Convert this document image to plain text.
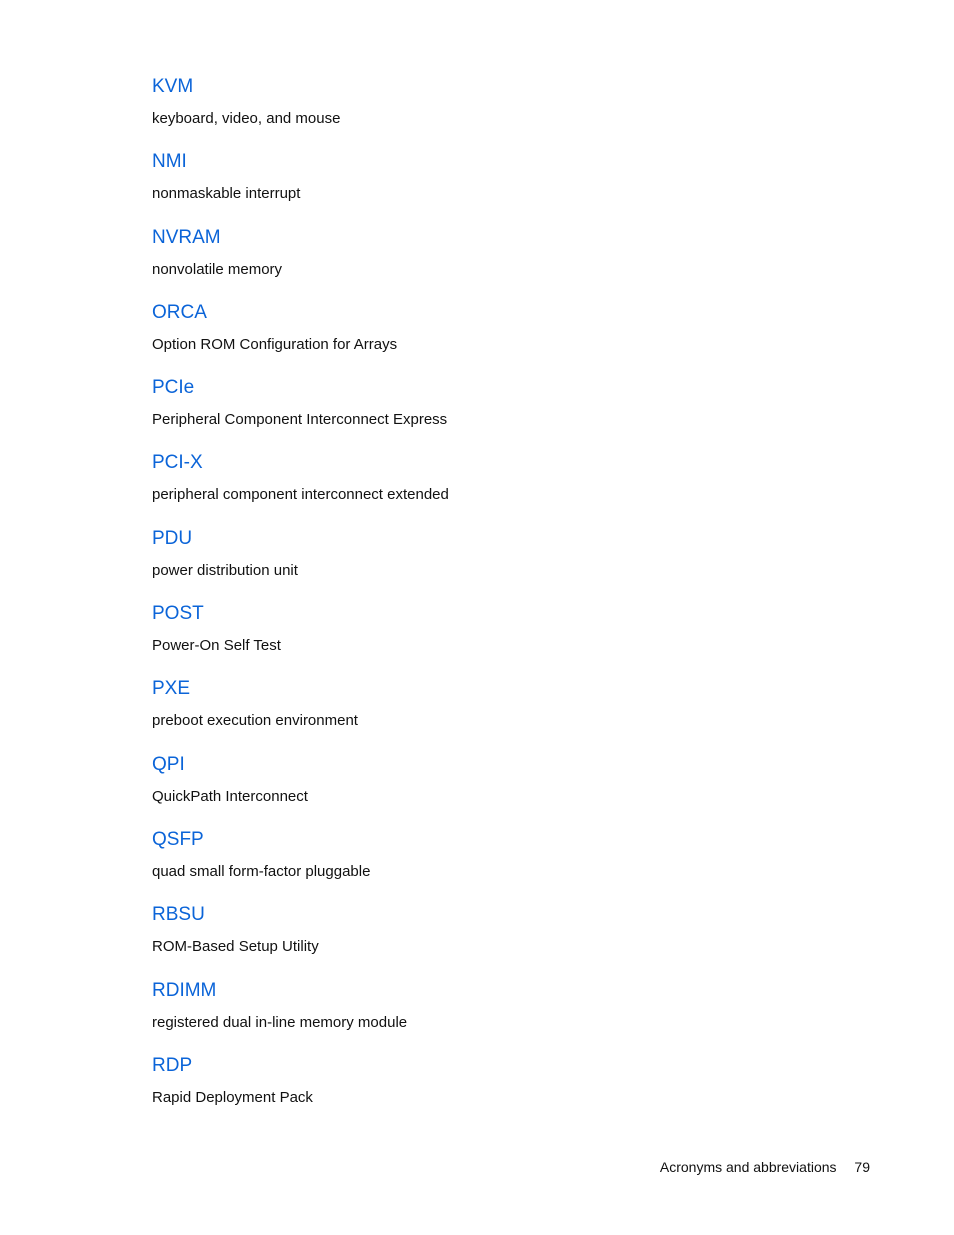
KVM
keyboard, video, and mouse
NMI
nonmaskable interrupt
NVRAM
nonvolatile memory
ORCA
Option ROM Configuration for Arrays
PCIe
Peripheral Component Interconnect Express
PCI-X
peripheral component interconnect extended
PDU
power distribution unit
POST
Power-On Self Test
PXE
preboot execution environment
QPI
QuickPath Interconnect
QSFP
quad small form-factor pluggable
RBSU
ROM-Based Setup Utility
RDIMM
registered dual in-line memory module
RDP
Rapid Deployment Pack
Acronyms and abbreviations 79
